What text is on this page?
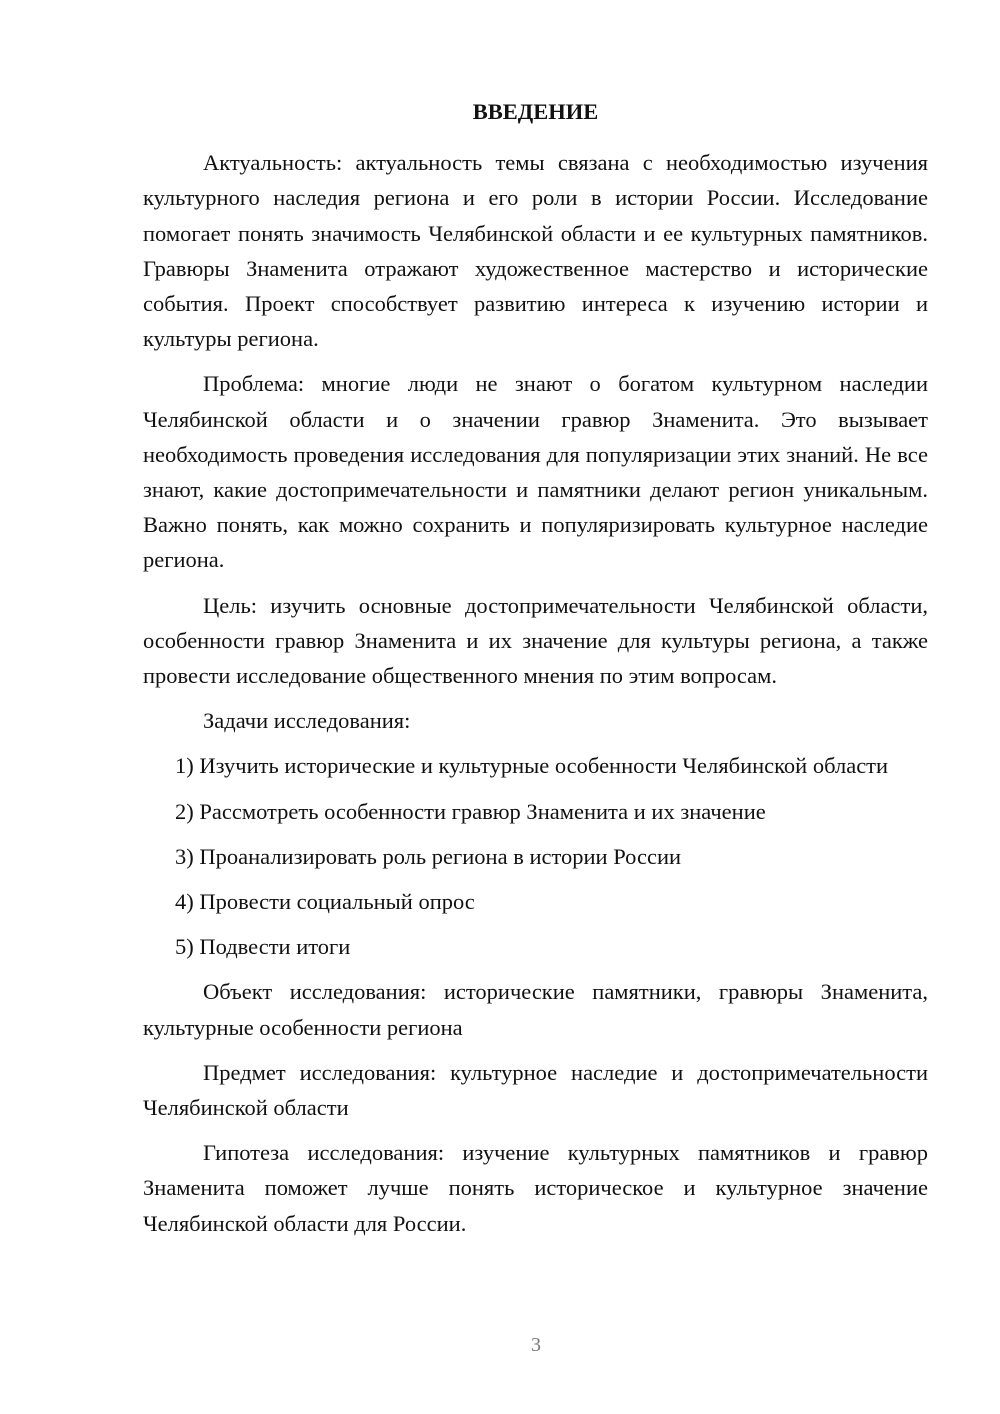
ВВЕДЕНИЕ

Актуальность: актуальность темы связана с необходимостью изучения культурного наследия региона и его роли в истории России. Исследование помогает понять значимость Челябинской области и ее культурных памятников. Гравюры Знаменита отражают художественное мастерство и исторические события. Проект способствует развитию интереса к изучению истории и культуры региона.

Проблема: многие люди не знают о богатом культурном наследии Челябинской области и о значении гравюр Знаменита. Это вызывает необходимость проведения исследования для популяризации этих знаний. Не все знают, какие достопримечательности и памятники делают регион уникальным. Важно понять, как можно сохранить и популяризировать культурное наследие региона.

Цель: изучить основные достопримечательности Челябинской области, особенности гравюр Знаменита и их значение для культуры региона, а также провести исследование общественного мнения по этим вопросам.

Задачи исследования:

1) Изучить исторические и культурные особенности Челябинской области

2) Рассмотреть особенности гравюр Знаменита и их значение

3) Проанализировать роль региона в истории России

4) Провести социальный опрос

5) Подвести итоги

Объект исследования: исторические памятники, гравюры Знаменита, культурные особенности региона

Предмет исследования: культурное наследие и достопримечательности Челябинской области

Гипотеза исследования: изучение культурных памятников и гравюр Знаменита поможет лучше понять историческое и культурное значение Челябинской области для России.

3
